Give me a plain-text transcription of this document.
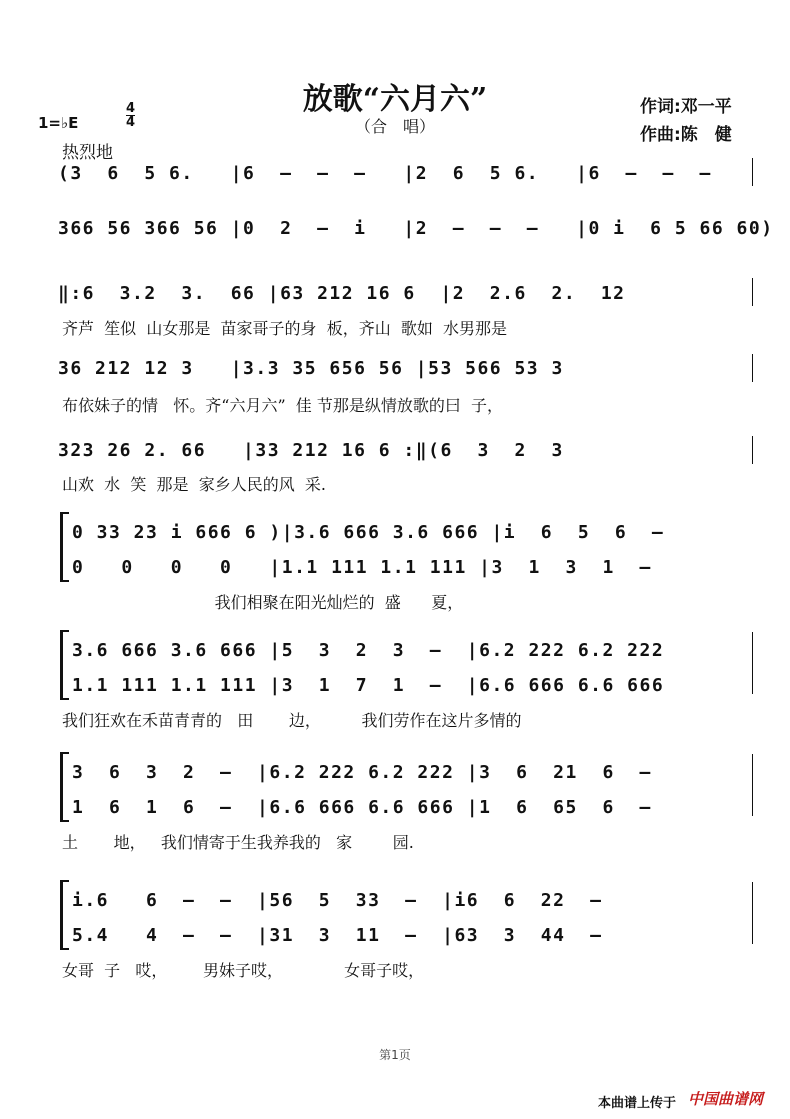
放歌“六月六”
（合　唱）
作词:邓一平
作曲:陈　健
1=♭E
4
4
热烈地
(3  6  5 6.   |6  –  –  –   |2  6  5 6.   |6  –  –  –
366 56 366 56 |0  2  –  i   |2  –  –  –   |0 i  6 5 66 60)
‖:6  3.2  3.  66 |63 212 16 6  |2  2.6  2.  12
齐芦  笙似  山女那是  苗家哥子的身  板，齐山  歌如  水男那是
36 212 12 3   |3.3 35 656 56 |53 566 53 3
布依妹子的情   怀。齐“六月六”  佳 节那是纵情放歌的曰  子，
323 26 2. 66   |33 212 16 6 :‖(6  3  2  3
山欢  水  笑  那是  家乡人民的风  采.
0 33 23 i 666 6 )|3.6 666 3.6 666 |i  6  5  6  –
0   0   0   0   |1.1 111 1.1 111 |3  1  3  1  –
我们相聚在阳光灿烂的  盛      夏，
3.6 666 3.6 666 |5  3  2  3  –  |6.2 222 6.2 222
1.1 111 1.1 111 |3  1  7  1  –  |6.6 666 6.6 666
我们狂欢在禾苗青青的   田       边，        我们劳作在这片多情的
3  6  3  2  –  |6.2 222 6.2 222 |3  6  21  6  –
1  6  1  6  –  |6.6 666 6.6 666 |1  6  65  6  –
土       地，   我们情寄于生我养我的   家        园.
i.6   6  –  –  |56  5  33  –  |i6  6  22  –
5.4   4  –  –  |31  3  11  –  |63  3  44  –
女哥  子   哎，       男妹子哎，            女哥子哎，
第1页
本曲谱上传于 中国曲谱网
